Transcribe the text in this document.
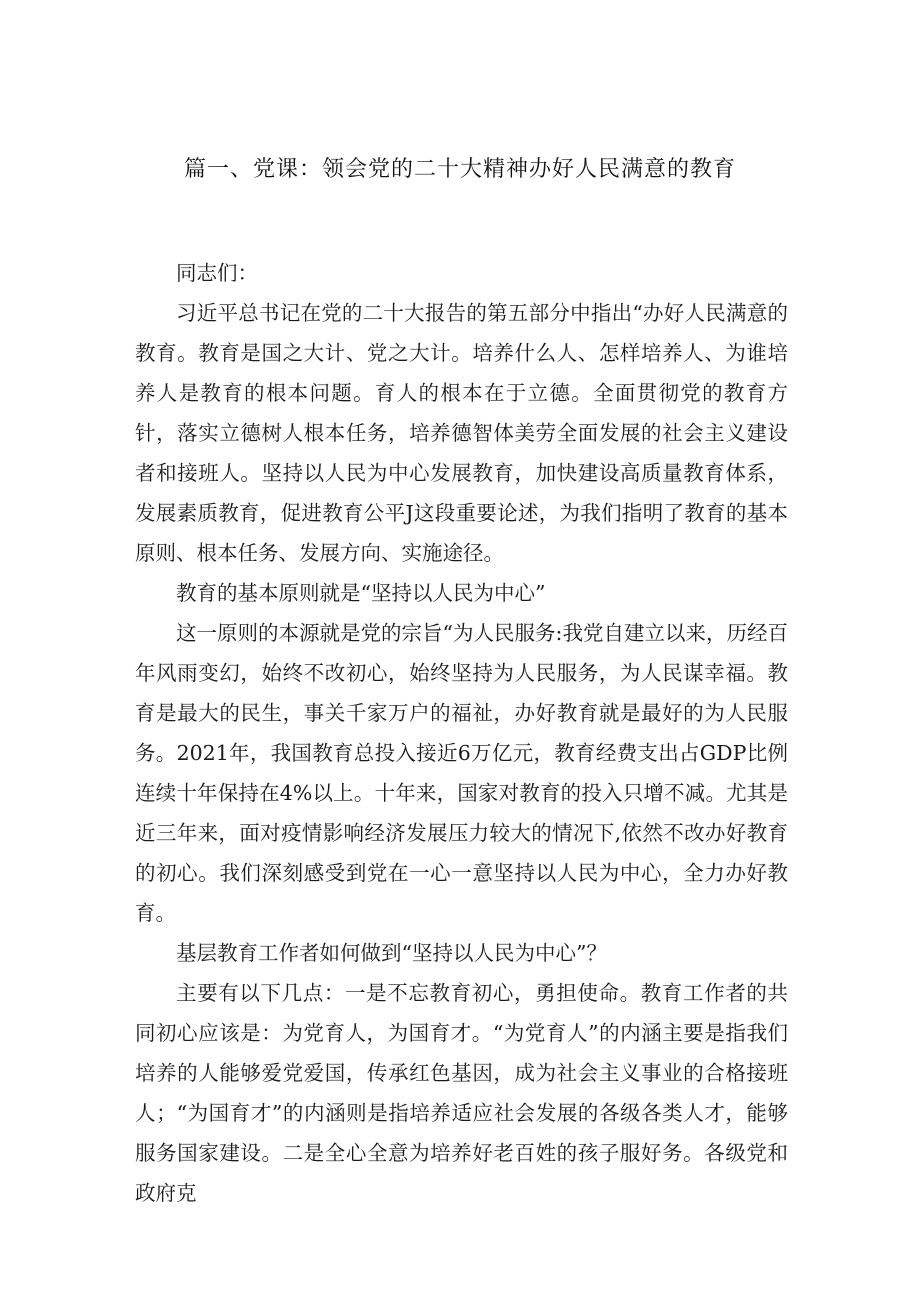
篇一、党课：领会党的二十大精神办好人民满意的教育

同志们：

习近平总书记在党的二十大报告的第五部分中指出“办好人民满意的教育。教育是国之大计、党之大计。培养什么人、怎样培养人、为谁培养人是教育的根本问题。育人的根本在于立德。全面贯彻党的教育方针，落实立德树人根本任务，培养德智体美劳全面发展的社会主义建设者和接班人。坚持以人民为中心发展教育，加快建设高质量教育体系，发展素质教育，促进教育公平J这段重要论述，为我们指明了教育的基本原则、根本任务、发展方向、实施途径。

教育的基本原则就是“坚持以人民为中心”

这一原则的本源就是党的宗旨“为人民服务:我党自建立以来，历经百年风雨变幻，始终不改初心，始终坚持为人民服务，为人民谋幸福。教育是最大的民生，事关千家万户的福祉，办好教育就是最好的为人民服务。2021年，我国教育总投入接近6万亿元，教育经费支出占GDP比例连续十年保持在4%以上。十年来，国家对教育的投入只增不减。尤其是近三年来，面对疫情影响经济发展压力较大的情况下,依然不改办好教育的初心。我们深刻感受到党在一心一意坚持以人民为中心，全力办好教育。

基层教育工作者如何做到“坚持以人民为中心”？

主要有以下几点：一是不忘教育初心，勇担使命。教育工作者的共同初心应该是：为党育人，为国育才。“为党育人”的内涵主要是指我们培养的人能够爱党爱国，传承红色基因，成为社会主义事业的合格接班人；“为国育才”的内涵则是指培养适应社会发展的各级各类人才，能够服务国家建设。二是全心全意为培养好老百姓的孩子服好务。各级党和政府克
